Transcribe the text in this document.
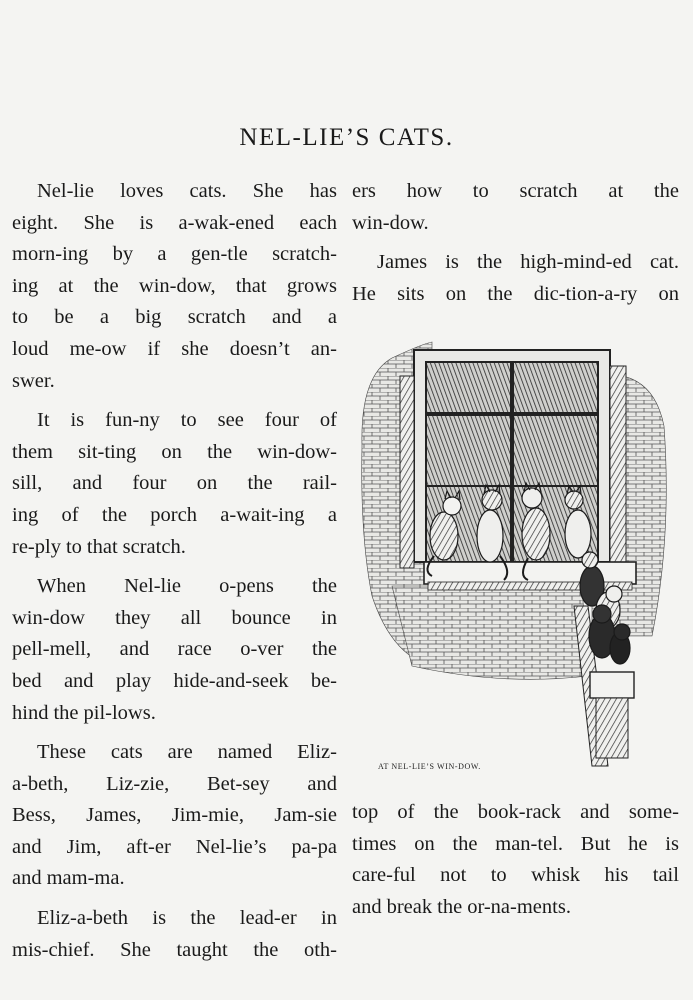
NEL-LIE’S CATS.
Nel-lie loves cats. She has
eight. She is a-wak-ened each
morn-ing by a gen-tle scratch-
ing at the win-dow, that grows
to be a big scratch and a
loud me-ow if she doesn’t an-
swer.
It is fun-ny to see four of
them sit-ting on the win-dow-
sill, and four on the rail-
ing of the porch a-wait-ing a
re-ply to that scratch.
When Nel-lie o-pens the
win-dow they all bounce in
pell-mell, and race o-ver the
bed and play hide-and-seek be-
hind the pil-lows.
These cats are named Eliz-
a-beth, Liz-zie, Bet-sey and
Bess, James, Jim-mie, Jam-sie
and Jim, aft-er Nel-lie’s pa-pa
and mam-ma.
Eliz-a-beth is the lead-er in
mis-chief. She taught the oth-
ers how to scratch at the
win-dow.
James is the high-mind-ed cat.
He sits on the dic-tion-a-ry on
AT NEL-LIE’S WIN-DOW.
top of the book-rack and some-
times on the man-tel. But he is
care-ful not to whisk his tail
and break the or-na-ments.
